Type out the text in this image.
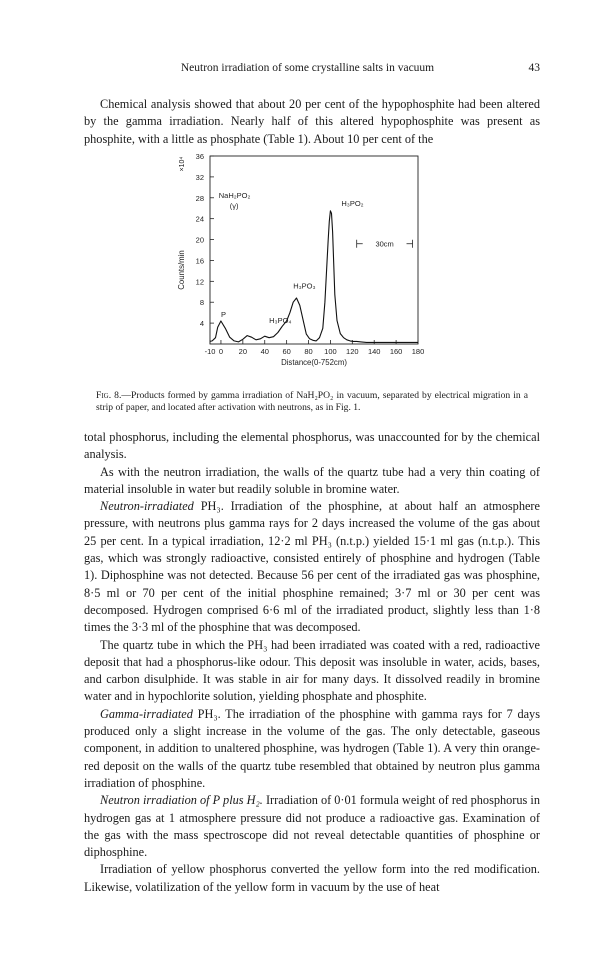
Neutron irradiation of some crystalline salts in vacuum	43

Chemical analysis showed that about 20 per cent of the hypophosphite had been altered by the gamma irradiation. Nearly half of this altered hypophosphite was present as phosphite, with a little as phosphate (Table 1). About 10 per cent of the

4
8
12
16
20
24
28
32
36
-10 0 20 40 60 80 100 120 140 160 180
Distance(0-752cm)
Counts/min
×10⁴
P
H₃PO₄
H₃PO₃
H₃PO₂
NaH₂PO₂
(γ)
30cm
Fig. 8.—Products formed by gamma irradiation of NaH₂PO₂ in vacuum, separated by electrical migration in a strip of paper, and located after activation with neutrons, as in Fig. 1.

total phosphorus, including the elemental phosphorus, was unaccounted for by the chemical analysis.

As with the neutron irradiation, the walls of the quartz tube had a very thin coating of material insoluble in water but readily soluble in bromine water.

Neutron-irradiated PH₃. Irradiation of the phosphine, at about half an atmosphere pressure, with neutrons plus gamma rays for 2 days increased the volume of the gas about 25 per cent. In a typical irradiation, 12·2 ml PH₃ (n.t.p.) yielded 15·1 ml gas (n.t.p.). This gas, which was strongly radioactive, consisted entirely of phosphine and hydrogen (Table 1). Diphosphine was not detected. Because 56 per cent of the irradiated gas was phosphine, 8·5 ml or 70 per cent of the initial phosphine remained; 3·7 ml or 30 per cent was decomposed. Hydrogen comprised 6·6 ml of the irradiated product, slightly less than 1·8 times the 3·3 ml of the phosphine that was decomposed.

The quartz tube in which the PH₃ had been irradiated was coated with a red, radioactive deposit that had a phosphorus-like odour. This deposit was insoluble in water, acids, bases, and carbon disulphide. It was stable in air for many days. It dissolved readily in bromine water and in hypochlorite solution, yielding phosphate and phosphite.

Gamma-irradiated PH₃. The irradiation of the phosphine with gamma rays for 7 days produced only a slight increase in the volume of the gas. The only detectable, gaseous component, in addition to unaltered phosphine, was hydrogen (Table 1). A very thin orange-red deposit on the walls of the quartz tube resembled that obtained by neutron plus gamma irradiation of phosphine.

Neutron irradiation of P plus H₂. Irradiation of 0·01 formula weight of red phosphorus in hydrogen gas at 1 atmosphere pressure did not produce a radioactive gas. Examination of the gas with the mass spectroscope did not reveal detectable quantities of phosphine or diphosphine.

Irradiation of yellow phosphorus converted the yellow form into the red modification. Likewise, volatilization of the yellow form in vacuum by the use of heat
